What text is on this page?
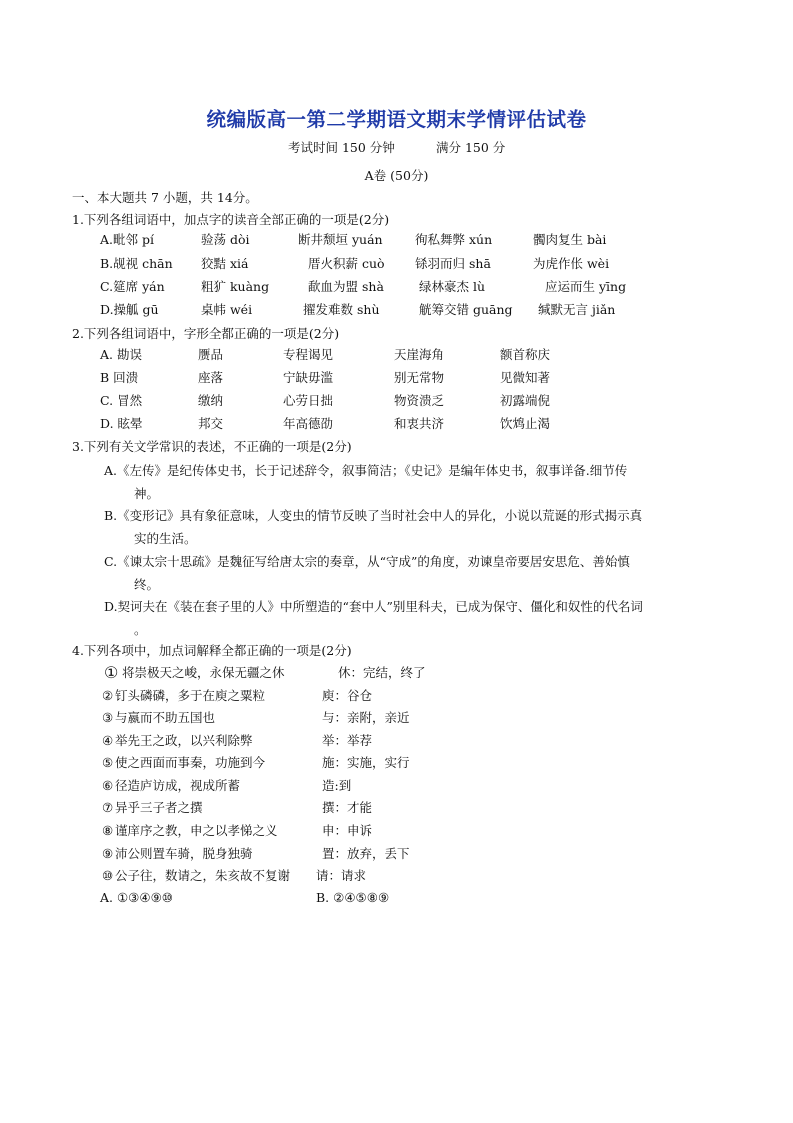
统编版高一第二学期语文期末学情评估试卷
考试时间 150 分钟	满分 150 分
A卷 (50分)
一、本大题共 7 小题，共 14分。
1.下列各组词语中，加点字的读音全部正确的一项是(2分)
A.毗邻 pí	验荡 dòi	断井颓垣 yuán	徇私舞弊 xún	髑肉复生 bài
B.觇视 chān 狡黠 xiá	厝火积薪 cuò 铩羽而归 shā	为虎作伥 wèi
C.筵席 yán	粗犷 kuàng	歃血为盟 shà	绿林豪杰 lù	应运而生 yīng
D.操觚 gū	桌帏 wéi	擢发难数 shù	觥筹交错 guāng 缄默无言 jiǎn
2.下列各组词语中，字形全都正确的一项是(2分)
A. 勘误	赝品	专程谒见	天崖海角	额首称庆
B 回溃	座落	宁缺毋滥	别无常物	见微知著
C. 冒然	缴纳	心劳日拙	物资溃乏	初露端倪
D. 眩晕	邦交	年高德劭	和衷共济	饮鸩止渴
3.下列有关文学常识的表述，不正确的一项是(2分)
A.《左传》是纪传体史书，长于记述辞令，叙事简洁；《史记》是编年体史书，叙事详备.细节传
神。
B.《变形记》具有象征意味，人变虫的情节反映了当时社会中人的异化，小说以荒诞的形式揭示真
实的生活。
C.《谏太宗十思疏》是魏征写给唐太宗的奏章，从“守成”的角度，劝谏皇帝要居安思危、善始慎
终。
D.契诃夫在《装在套子里的人》中所塑造的“套中人”别里科夫，已成为保守、僵化和奴性的代名词
。
4.下列各项中，加点词解释全都正确的一项是(2分)
① 将崇极天之峻，永保无疆之休	休：完结，终了
② 钉头磷磷，多于在庾之粟粒	庾：谷仓
③ 与嬴而不助五国也	与：亲附，亲近
④ 举先王之政，以兴利除弊	举：举荐
⑤ 使之西面而事秦，功施到今	施：实施，实行
⑥ 径造庐访成，视成所蓄	造:到
⑦ 异乎三子者之撰	撰：才能
⑧ 谨庠序之教，申之以孝悌之义	申：申诉
⑨ 沛公则置车骑，脱身独骑	置：放弃，丢下
⑩ 公子往，数请之，朱亥故不复谢 请：请求
A. ①③④⑨⑩	B. ②④⑤⑧⑨
